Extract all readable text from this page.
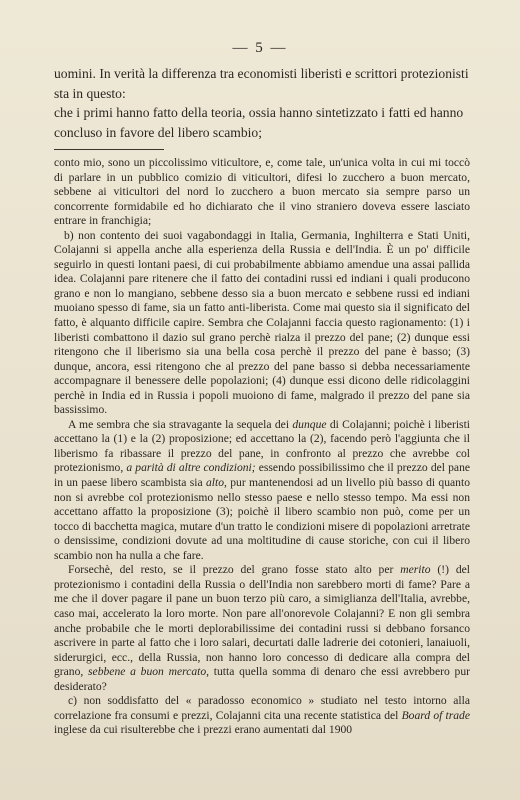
— 5 —

uomini. In verità la differenza tra economisti liberisti e scrittori protezionisti sta in questo:

che i primi hanno fatto della teoria, ossia hanno sintetizzato i fatti ed hanno concluso in favore del libero scambio;

conto mio, sono un piccolissimo viticultore, e, come tale, un'unica volta in cui mi toccò di parlare in un pubblico comizio di viticultori, difesi lo zucchero a buon mercato, sebbene ai viticultori del nord lo zucchero a buon mercato sia sempre parso un concorrente formidabile ed ho dichiarato che il vino straniero doveva essere lasciato entrare in franchigia;

b) non contento dei suoi vagabondaggi in Italia, Germania, Inghilterra e Stati Uniti, Colajanni si appella anche alla esperienza della Russia e dell'India. È un po' difficile seguirlo in questi lontani paesi, di cui probabilmente abbiamo amendue una assai pallida idea. Colajanni pare ritenere che il fatto dei contadini russi ed indiani i quali producono grano e non lo mangiano, sebbene desso sia a buon mercato e sebbene russi ed indiani muoiano spesso di fame, sia un fatto anti-liberista. Come mai questo sia il significato del fatto, è alquanto difficile capire. Sembra che Colajanni faccia questo ragionamento: (1) i liberisti combattono il dazio sul grano perchè rialza il prezzo del pane; (2) dunque essi ritengono che il liberismo sia una bella cosa perchè il prezzo del pane è basso; (3) dunque, ancora, essi ritengono che al prezzo del pane basso si debba necessariamente accompagnare il benessere delle popolazioni; (4) dunque essi dicono delle ridicolaggini perchè in India ed in Russia i popoli muoiono di fame, malgrado il prezzo del pane sia bassissimo.

A me sembra che sia stravagante la sequela dei dunque di Colajanni; poichè i liberisti accettano la (1) e la (2) proposizione; ed accettano la (2), facendo però l'aggiunta che il liberismo fa ribassare il prezzo del pane, in confronto al prezzo che avrebbe col protezionismo, a parità di altre condizioni; essendo possibilissimo che il prezzo del pane in un paese libero scambista sia alto, pur mantenendosi ad un livello più basso di quanto non si avrebbe col protezionismo nello stesso paese e nello stesso tempo. Ma essi non accettano affatto la proposizione (3); poichè il libero scambio non può, come per un tocco di bacchetta magica, mutare d'un tratto le condizioni misere di popolazioni arretrate o densissime, condizioni dovute ad una moltitudine di cause storiche, con cui il libero scambio non ha nulla a che fare.

Forsechè, del resto, se il prezzo del grano fosse stato alto per merito (!) del protezionismo i contadini della Russia o dell'India non sarebbero morti di fame? Pare a me che il dover pagare il pane un buon terzo più caro, a simiglianza dell'Italia, avrebbe, caso mai, accelerato la loro morte. Non pare all'onorevole Colajanni? E non gli sembra anche probabile che le morti deplorabilissime dei contadini russi si debbano forsanco ascrivere in parte al fatto che i loro salari, decurtati dalle ladrerie dei cotonieri, lanaiuoli, siderurgici, ecc., della Russia, non hanno loro concesso di dedicare alla compra del grano, sebbene a buon mercato, tutta quella somma di denaro che essi avrebbero pur desiderato?

c) non soddisfatto del « paradosso economico » studiato nel testo intorno alla correlazione fra consumi e prezzi, Colajanni cita una recente statistica del Board of trade inglese da cui risulterebbe che i prezzi erano aumentati dal 1900
